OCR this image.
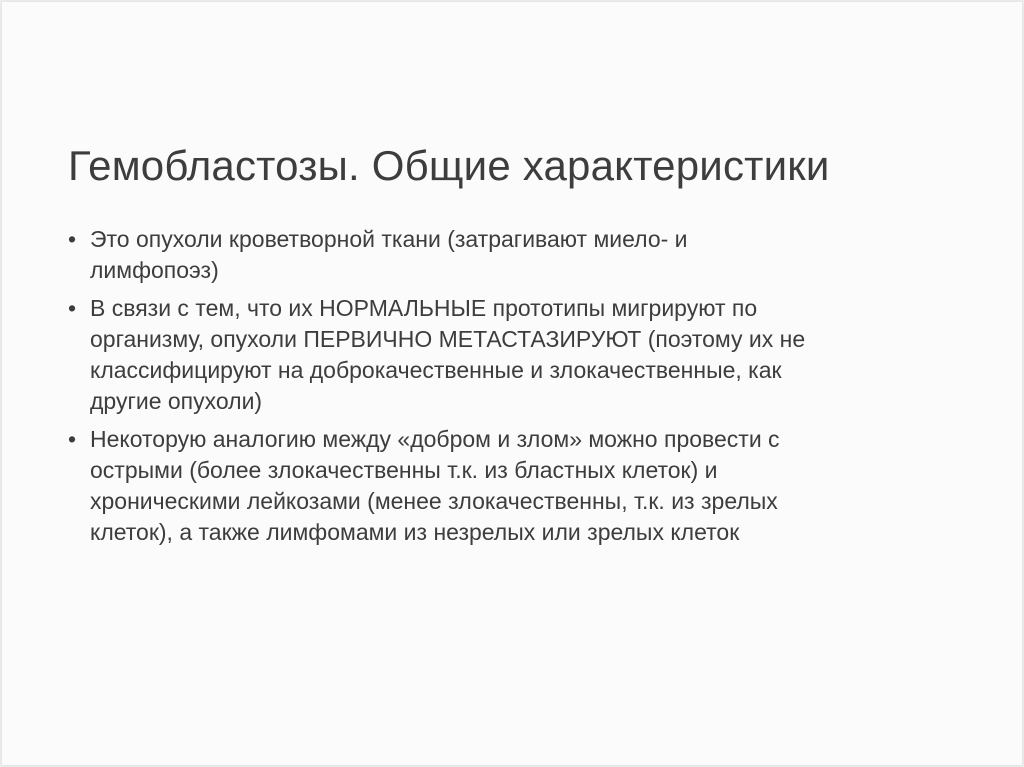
Гемобластозы. Общие характеристики
• Это опухоли кроветворной ткани (затрагивают миело- и
лимфопоэз)
• В связи с тем, что их НОРМАЛЬНЫЕ прототипы мигрируют по
организму, опухоли ПЕРВИЧНО МЕТАСТАЗИРУЮТ (поэтому их не
классифицируют на доброкачественные и злокачественные, как
другие опухоли)
• Некоторую аналогию между «добром и злом» можно провести с
острыми (более злокачественны т.к. из бластных клеток) и
хроническими лейкозами (менее злокачественны, т.к. из зрелых
клеток), а также лимфомами из незрелых или зрелых клеток
